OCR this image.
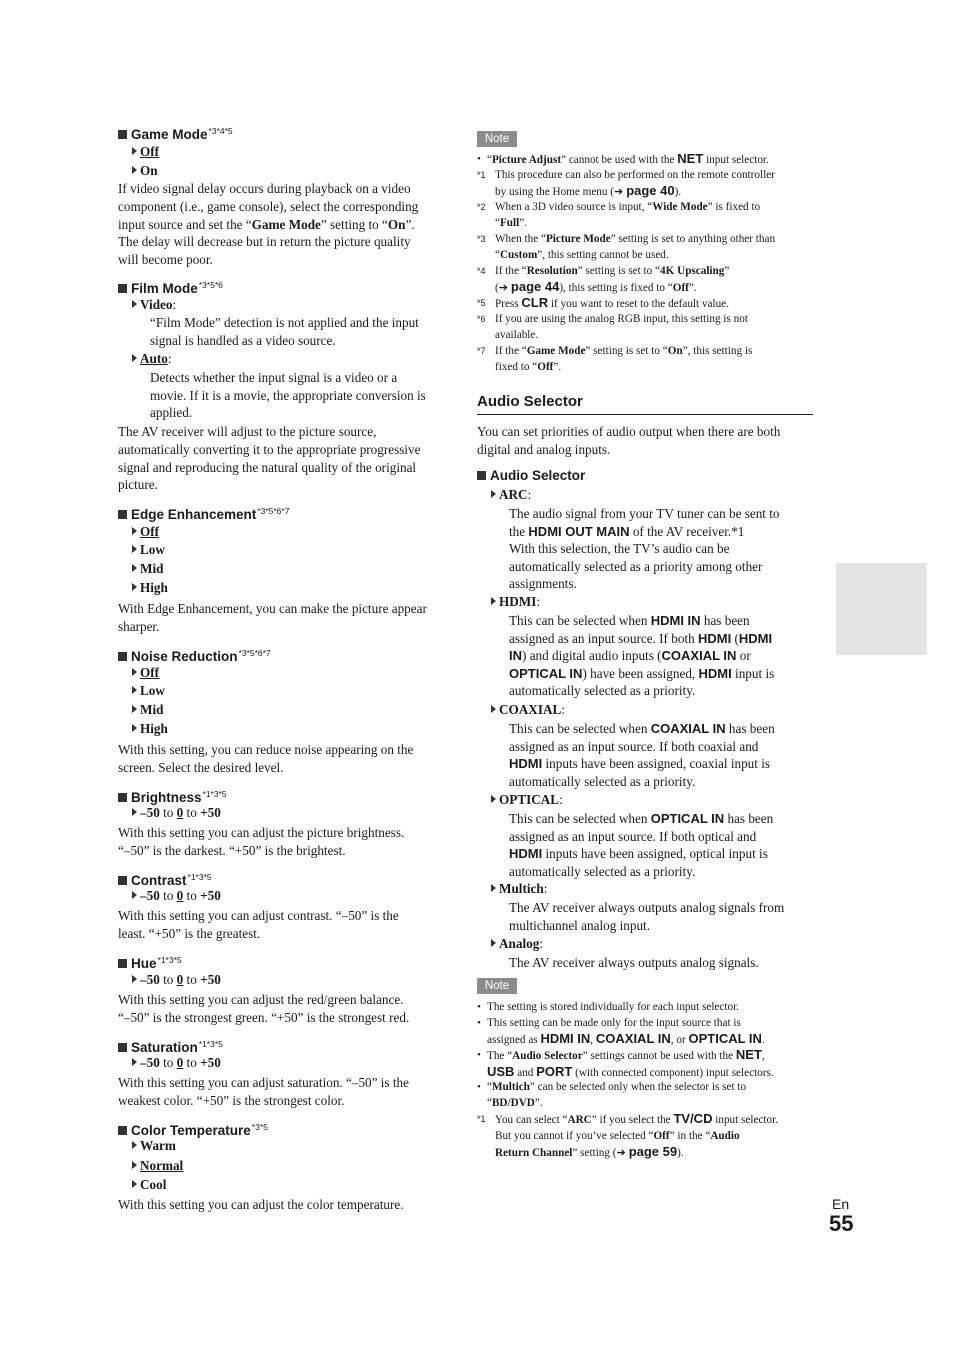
Game Mode$^{*3*4*5}$
Off
On
If video signal delay occurs during playback on a video
component (i.e., game console), select the corresponding
input source and set the “Game Mode” setting to “On”.
The delay will decrease but in return the picture quality
will become poor.
Film Mode$^{*3*5*6}$
Video:
“Film Mode” detection is not applied and the input
signal is handled as a video source.
Auto:
Detects whether the input signal is a video or a
movie. If it is a movie, the appropriate conversion is
applied.
The AV receiver will adjust to the picture source,
automatically converting it to the appropriate progressive
signal and reproducing the natural quality of the original
picture.
Edge Enhancement$^{*3*5*6*7}$
Off
Low
Mid
High
With Edge Enhancement, you can make the picture appear
sharper.
Noise Reduction$^{*3*5*6*7}$
Off
Low
Mid
High
With this setting, you can reduce noise appearing on the
screen. Select the desired level.
Brightness$^{*1*3*5}$
–50 to 0 to +50
With this setting you can adjust the picture brightness.
“–50” is the darkest. “+50” is the brightest.
Contrast$^{*1*3*5}$
–50 to 0 to +50
With this setting you can adjust contrast. “–50” is the
least. “+50” is the greatest.
Hue$^{*1*3*5}$
–50 to 0 to +50
With this setting you can adjust the red/green balance.
“–50” is the strongest green. “+50” is the strongest red.
Saturation$^{*1*3*5}$
–50 to 0 to +50
With this setting you can adjust saturation. “–50” is the
weakest color. “+50” is the strongest color.
Color Temperature$^{*3*5}$
Warm
Normal
Cool
With this setting you can adjust the color temperature.
Note
• “Picture Adjust” cannot be used with the NET input selector.
*1 This procedure can also be performed on the remote controller
by using the Home menu (➔ page 40).
*2 When a 3D video source is input, “Wide Mode” is fixed to
“Full”.
*3 When the “Picture Mode” setting is set to anything other than
“Custom”, this setting cannot be used.
*4 If the “Resolution” setting is set to “4K Upscaling”
(➔ page 44), this setting is fixed to “Off”.
*5 Press CLR if you want to reset to the default value.
*6 If you are using the analog RGB input, this setting is not
available.
*7 If the “Game Mode” setting is set to “On”, this setting is
fixed to “Off”.
Audio Selector
You can set priorities of audio output when there are both
digital and analog inputs.
Audio Selector
ARC:
The audio signal from your TV tuner can be sent to
the HDMI OUT MAIN of the AV receiver.*1
With this selection, the TV’s audio can be
automatically selected as a priority among other
assignments.
HDMI:
This can be selected when HDMI IN has been
assigned as an input source. If both HDMI (HDMI
IN) and digital audio inputs (COAXIAL IN or
OPTICAL IN) have been assigned, HDMI input is
automatically selected as a priority.
COAXIAL:
This can be selected when COAXIAL IN has been
assigned as an input source. If both coaxial and
HDMI inputs have been assigned, coaxial input is
automatically selected as a priority.
OPTICAL:
This can be selected when OPTICAL IN has been
assigned as an input source. If both optical and
HDMI inputs have been assigned, optical input is
automatically selected as a priority.
Multich:
The AV receiver always outputs analog signals from
multichannel analog input.
Analog:
The AV receiver always outputs analog signals.
Note
• The setting is stored individually for each input selector.
• This setting can be made only for the input source that is
assigned as HDMI IN, COAXIAL IN, or OPTICAL IN.
• The “Audio Selector” settings cannot be used with the NET,
USB and PORT (with connected component) input selectors.
• “Multich” can be selected only when the selector is set to
“BD/DVD”.
*1 You can select “ARC” if you select the TV/CD input selector.
But you cannot if you’ve selected “Off” in the “Audio
Return Channel” setting (➔ page 59).
En
55
